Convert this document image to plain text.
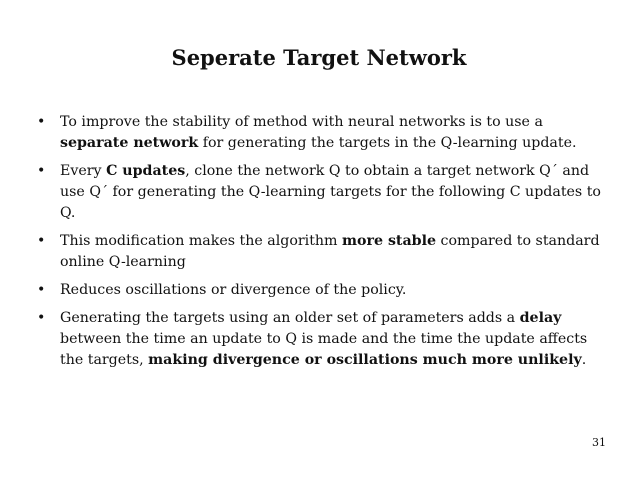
Seperate Target Network
•	To improve the stability of method with neural networks is to use a separate network for generating the targets in the Q-learning update.
•	Every C updates, clone the network Q to obtain a target network Q´ and use Q´ for generating the Q-learning targets for the following C updates to Q.
•	This modification makes the algorithm more stable compared to standard online Q-learning
•	Reduces oscillations or divergence of the policy.
•	Generating the targets using an older set of parameters adds a delay between the time an update to Q is made and the time the update affects the targets, making divergence or oscillations much more unlikely.
31
